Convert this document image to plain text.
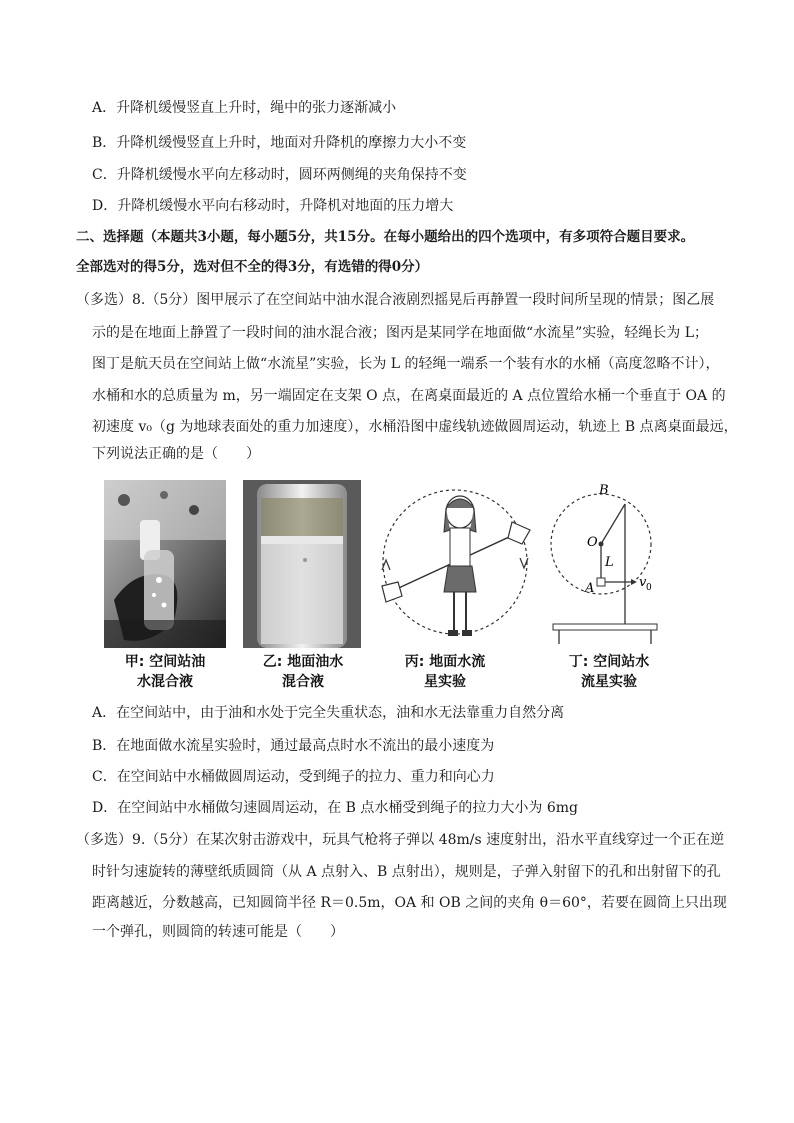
A．升降机缓慢竖直上升时，绳中的张力逐渐减小
B．升降机缓慢竖直上升时，地面对升降机的摩擦力大小不变
C．升降机缓慢水平向左移动时，圆环两侧绳的夹角保持不变
D．升降机缓慢水平向右移动时，升降机对地面的压力增大
二、选择题（本题共3小题，每小题5分，共15分。在每小题给出的四个选项中，有多项符合题目要求。
全部选对的得5分，选对但不全的得3分，有选错的得0分）
（多选）8.（5分）图甲展示了在空间站中油水混合液剧烈摇晃后再静置一段时间所呈现的情景；图乙展
示的是在地面上静置了一段时间的油水混合液；图丙是某同学在地面做“水流星”实验，轻绳长为 L；
图丁是航天员在空间站上做“水流星”实验，长为 L 的轻绳一端系一个装有水的水桶（高度忽略不计），
水桶和水的总质量为 m，另一端固定在支架 O 点，在离桌面最近的 A 点位置给水桶一个垂直于 OA 的
初速度 v₀（g 为地球表面处的重力加速度），水桶沿图中虚线轨迹做圆周运动，轨迹上 B 点离桌面最远，
下列说法正确的是（　　）
B
O
L
A	v 0
甲: 空间站油
水混合液
乙: 地面油水
混合液
丙: 地面水流
星实验
丁: 空间站水
流星实验
A．在空间站中，由于油和水处于完全失重状态，油和水无法靠重力自然分离
B．在地面做水流星实验时，通过最高点时水不流出的最小速度为
C．在空间站中水桶做圆周运动，受到绳子的拉力、重力和向心力
D．在空间站中水桶做匀速圆周运动，在 B 点水桶受到绳子的拉力大小为 6mg
（多选）9.（5分）在某次射击游戏中，玩具气枪将子弹以 48m/s 速度射出，沿水平直线穿过一个正在逆
时针匀速旋转的薄壁纸质圆筒（从 A 点射入、B 点射出），规则是，子弹入射留下的孔和出射留下的孔
距离越近，分数越高，已知圆筒半径 R＝0.5m，OA 和 OB 之间的夹角 θ＝60°，若要在圆筒上只出现
一个弹孔，则圆筒的转速可能是（　　）
